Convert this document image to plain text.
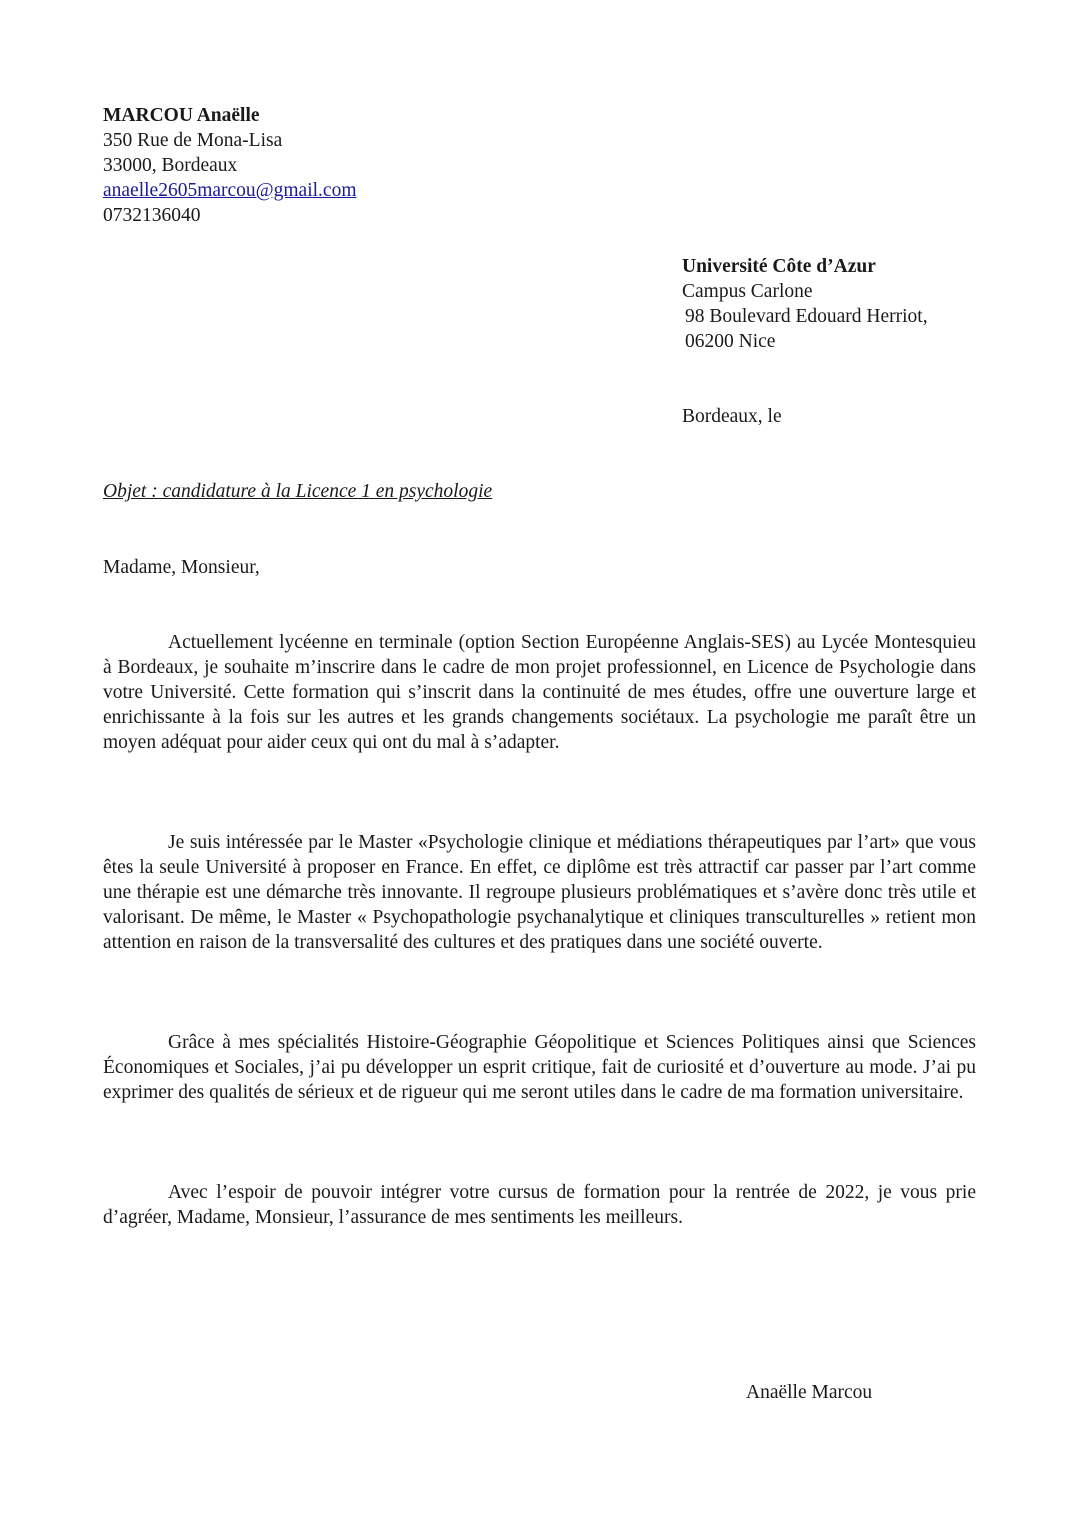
MARCOU Anaëlle
350 Rue de Mona-Lisa
33000, Bordeaux
anaelle2605marcou@gmail.com
0732136040
Université Côte d’Azur
Campus Carlone
98 Boulevard Edouard Herriot,
06200 Nice
Bordeaux, le
Objet : candidature à la Licence 1 en psychologie
Madame, Monsieur,

Actuellement lycéenne en terminale (option Section Européenne Anglais-SES) au Lycée Montesquieu à Bordeaux, je souhaite m’inscrire dans le cadre de mon projet professionnel, en Licence de Psychologie dans votre Université. Cette formation qui s’inscrit dans la continuité de mes études, offre une ouverture large et enrichissante à la fois sur les autres et les grands changements sociétaux. La psychologie me paraît être un moyen adéquat pour aider ceux qui ont du mal à s’adapter.

Je suis intéressée par le Master «Psychologie clinique et médiations thérapeutiques par l’art» que vous êtes la seule Université à proposer en France. En effet, ce diplôme est très attractif car passer par l’art comme une thérapie est une démarche très innovante. Il regroupe plusieurs problématiques et s’avère donc très utile et valorisant. De même, le Master « Psychopathologie psychanalytique et cliniques transculturelles » retient mon attention en raison de la transversalité des cultures et des pratiques dans une société ouverte.

Grâce à mes spécialités Histoire-Géographie Géopolitique et Sciences Politiques ainsi que Sciences Économiques et Sociales, j’ai pu développer un esprit critique, fait de curiosité et d’ouverture au mode. J’ai pu exprimer des qualités de sérieux et de rigueur qui me seront utiles dans le cadre de ma formation universitaire.

Avec l’espoir de pouvoir intégrer votre cursus de formation pour la rentrée de 2022, je vous prie d’agréer, Madame, Monsieur, l’assurance de mes sentiments les meilleurs.

Anaëlle Marcou
